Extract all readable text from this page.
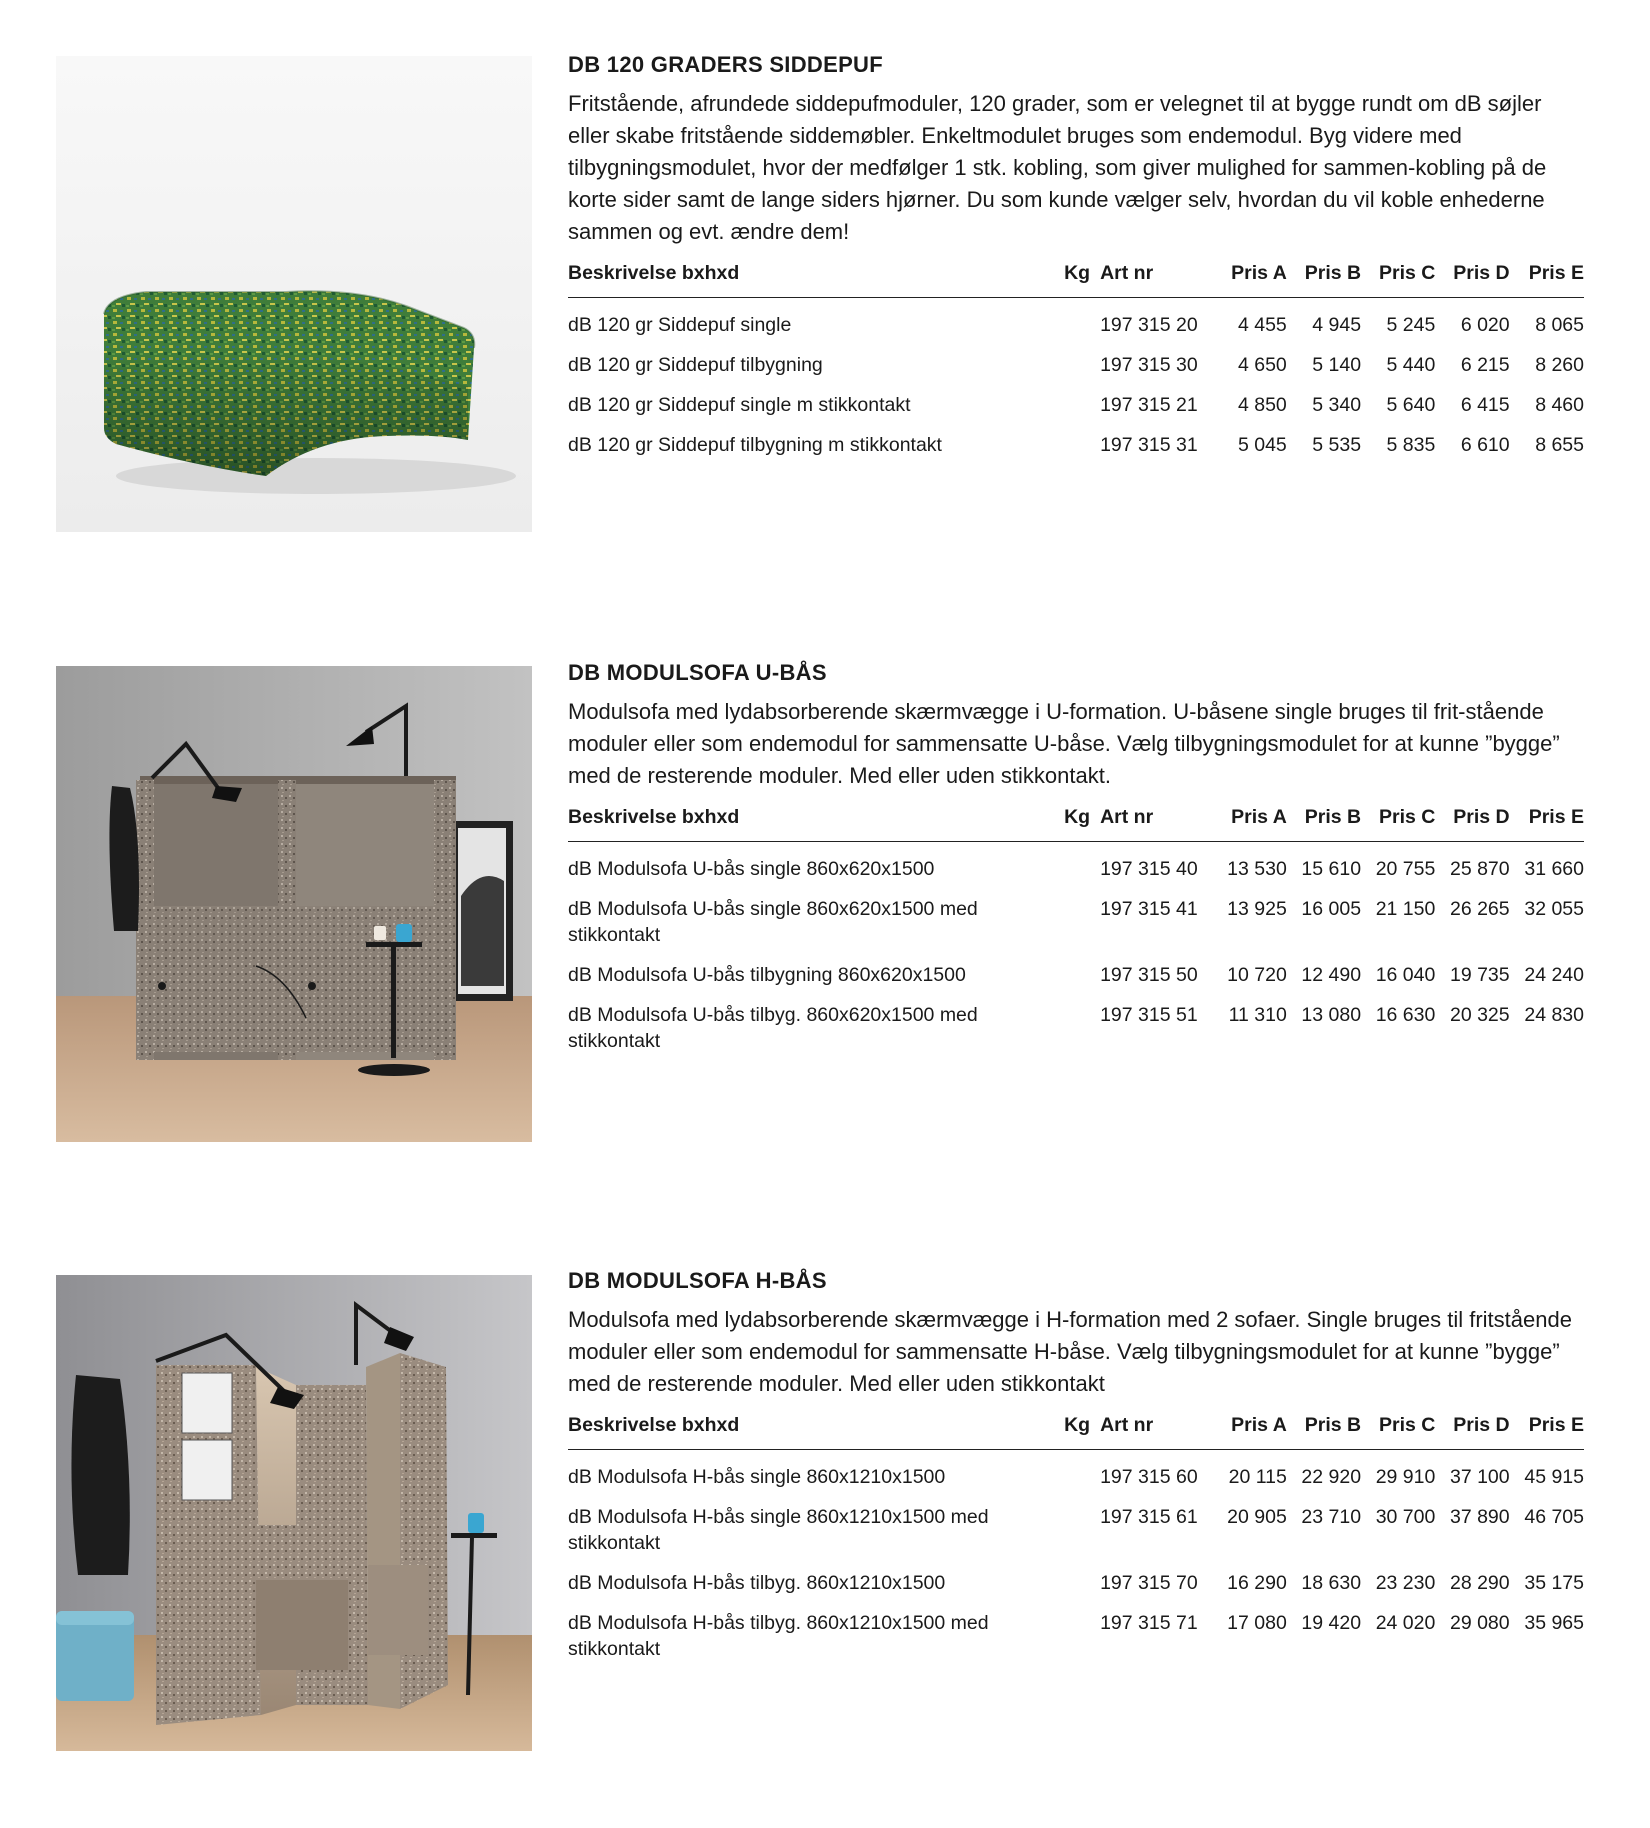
DB 120 GRADERS SIDDEPUF
Fritstående, afrundede siddepufmoduler, 120 grader, som er velegnet til at bygge rundt om dB søjler eller skabe fritstående siddemøbler. Enkeltmodulet bruges som endemodul. Byg videre med tilbygningsmodulet, hvor der medfølger 1 stk. kobling, som giver mulighed for sammen-kobling på de korte sider samt de lange siders hjørner. Du som kunde vælger selv, hvordan du vil koble enhederne sammen og evt. ændre dem!
Beskrivelse bxhxd	Kg	Art nr	Pris A	Pris B	Pris C	Pris D	Pris E
dB 120 gr Siddepuf single		197 315 20	4 455	4 945	5 245	6 020	8 065
dB 120 gr Siddepuf tilbygning		197 315 30	4 650	5 140	5 440	6 215	8 260
dB 120 gr Siddepuf single m stikkontakt		197 315 21	4 850	5 340	5 640	6 415	8 460
dB 120 gr Siddepuf tilbygning m stikkontakt		197 315 31	5 045	5 535	5 835	6 610	8 655
DB MODULSOFA U-BÅS
Modulsofa med lydabsorberende skærmvægge i U-formation. U-båsene single bruges til frit-stående moduler eller som endemodul for sammensatte U-båse. Vælg tilbygningsmodulet for at kunne ”bygge” med de resterende moduler. Med eller uden stikkontakt.
Beskrivelse bxhxd	Kg	Art nr	Pris A	Pris B	Pris C	Pris D	Pris E
dB Modulsofa U-bås single 860x620x1500		197 315 40	13 530	15 610	20 755	25 870	31 660
dB Modulsofa U-bås single 860x620x1500 med stikkontakt		197 315 41	13 925	16 005	21 150	26 265	32 055
dB Modulsofa U-bås tilbygning 860x620x1500		197 315 50	10 720	12 490	16 040	19 735	24 240
dB Modulsofa U-bås tilbyg. 860x620x1500 med stikkontakt		197 315 51	11 310	13 080	16 630	20 325	24 830
DB MODULSOFA H-BÅS
Modulsofa med lydabsorberende skærmvægge i H-formation med 2 sofaer. Single bruges til fritstående moduler eller som endemodul for sammensatte H-båse. Vælg tilbygningsmodulet for at kunne ”bygge” med de resterende moduler. Med eller uden stikkontakt
Beskrivelse bxhxd	Kg	Art nr	Pris A	Pris B	Pris C	Pris D	Pris E
dB Modulsofa H-bås single 860x1210x1500		197 315 60	20 115	22 920	29 910	37 100	45 915
dB Modulsofa H-bås single 860x1210x1500 med stikkontakt		197 315 61	20 905	23 710	30 700	37 890	46 705
dB Modulsofa H-bås tilbyg. 860x1210x1500		197 315 70	16 290	18 630	23 230	28 290	35 175
dB Modulsofa H-bås tilbyg. 860x1210x1500 med stikkontakt		197 315 71	17 080	19 420	24 020	29 080	35 965
